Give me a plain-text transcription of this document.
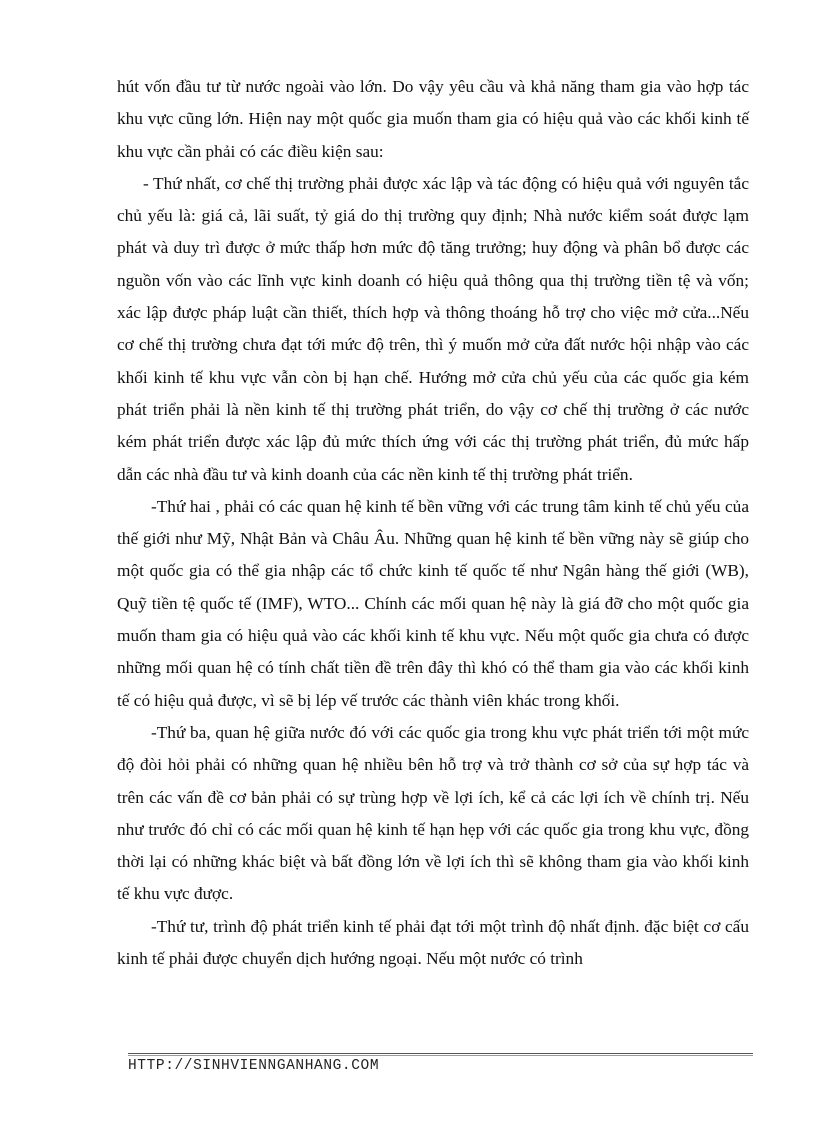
hút vốn đầu tư từ nước ngoài vào lớn. Do vậy yêu cầu và khả năng tham gia vào hợp tác khu vực cũng lớn. Hiện nay một quốc gia muốn tham gia có hiệu quả vào các khối kinh tế khu vực cần phải có các điều kiện sau:

- Thứ nhất, cơ chế thị trường phải được xác lập và tác động có hiệu quả với nguyên tắc chủ yếu là: giá cả, lãi suất, tỷ giá do thị trường quy định; Nhà nước kiểm soát được lạm phát và duy trì được ở mức thấp hơn mức độ tăng trưởng; huy động và phân bổ được các nguồn vốn vào các lĩnh vực kinh doanh có hiệu quả thông qua thị trường tiền tệ và vốn; xác lập được pháp luật cần thiết, thích hợp và thông thoáng hỗ trợ cho việc mở cửa...Nếu cơ chế thị trường chưa đạt tới mức độ trên, thì ý muốn mở cửa đất nước hội nhập vào các khối kinh tế khu vực vẫn còn bị hạn chế. Hướng mở cửa chủ yếu của các quốc gia kém phát triển phải là nền kinh tế thị trường phát triển, do vậy cơ chế thị trường ở các nước kém phát triển được xác lập đủ mức thích ứng với các thị trường phát triển, đủ mức hấp dẫn các nhà đầu tư và kinh doanh của các nền kinh tế thị trường phát triển.

-Thứ hai , phải có các quan hệ kinh tế bền vững với các trung tâm kinh tế chủ yếu của thế giới như Mỹ, Nhật Bản và Châu Âu. Những quan hệ kinh tế bền vững này sẽ giúp cho một quốc gia có thể gia nhập các tổ chức kinh tế quốc tế như Ngân hàng thế giới (WB), Quỹ tiền tệ quốc tế (IMF), WTO... Chính các mối quan hệ này là giá đỡ cho một quốc gia muốn tham gia có hiệu quả vào các khối kinh tế khu vực. Nếu một quốc gia chưa có được những mối quan hệ có tính chất tiền đề trên đây thì khó có thể tham gia vào các khối kinh tế có hiệu quả được, vì sẽ bị lép vế trước các thành viên khác trong khối.

-Thứ ba, quan hệ giữa nước đó với các quốc gia trong khu vực phát triển tới một mức độ đòi hỏi phải có những quan hệ nhiều bên hỗ trợ và trở thành cơ sở của sự hợp tác và trên các vấn đề cơ bản phải có sự trùng hợp về lợi ích, kể cả các lợi ích về chính trị. Nếu như trước đó chỉ có các mối quan hệ kinh tế hạn hẹp với các quốc gia trong khu vực, đồng thời lại có những khác biệt và bất đồng lớn về lợi ích thì sẽ không tham gia vào khối kinh tế khu vực được.

-Thứ tư, trình độ phát triển kinh tế phải đạt tới một trình độ nhất định. đặc biệt cơ cấu kinh tế phải được chuyển dịch hướng ngoại. Nếu một nước có trình

HTTP://SINHVIENNGANHANG.COM
